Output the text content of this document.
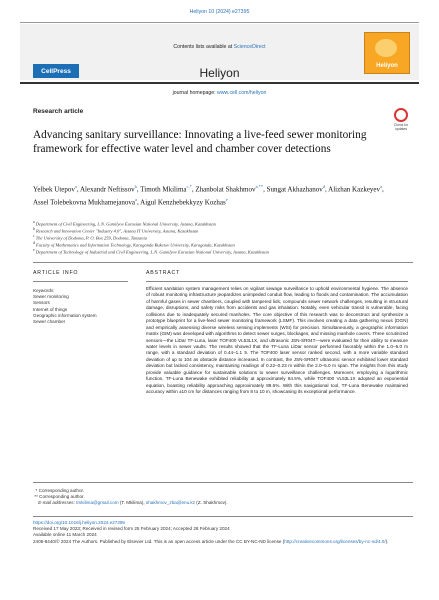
Heliyon 10 (2024) e27395
CellPress
Contents lists available at ScienceDirect
Heliyon	Heliyon
journal homepage: www.cell.com/heliyon
Research article
Check for updates
Advancing sanitary surveillance: Innovating a live-feed sewer monitoring framework for effective water level and chamber cover detections
Yelbek Utepov$^a$, Alexandr Neftissov$^b$, Timoth Mkilima$^{c,*}$, Zhanbolat Shakhmov$^{a,**}$, Sungat Akhazhanov$^d$, Alizhan Kazkeyev$^a$, Assel Tolebekovna Mukhamejanova$^a$, Aigul Kenzhebekkyzy Kozhas$^e$
$^a$ Department of Civil Engineering, L.N. Gumilyov Eurasian National University, Astana, Kazakhstan
$^b$ Research and Innovation Center "Industry 4.0", Astana IT University, Astana, Kazakhstan
$^c$ The University of Dodoma, P. O. Box 259, Dodoma, Tanzania
$^d$ Faculty of Mathematics and Information Technology, Karaganda Buketov University, Karaganda, Kazakhstan
$^e$ Department of Technology of Industrial and Civil Engineering, L.N. Gumilyov Eurasian National University, Astana, Kazakhstan
ARTICLE INFO	ABSTRACT
Keywords:
Sewer monitoring
Sensors
Internet of things
Geographic information system
Sewer chamber
Efficient sanitation system management relies on vigilant sewage surveillance to uphold environmental hygiene. The absence of robust monitoring infrastructure jeopardizes unimpeded conduit flow, leading to floods and contamination. The accumulation of harmful gases in sewer chambers, coupled with tampered lids, compounds sewer network challenges, resulting in structural damage, disruptions, and safety risks from accidents and gas inhalation. Notably, even vehicular transit is vulnerable, facing collisions due to inadequately secured manholes. The core objective of this research was to deconstruct and synthesize a prototype blueprint for a live-feed sewer monitoring framework (LSMF). This involves creating a data gathering nexus (DGN) and empirically assessing diverse wireless sensing implements (WSI) for precision. Simultaneously, a geographic information matrix (GIM) was developed with algorithms to detect sewer surges, blockages, and missing manhole covers. Three scrutinized sensors—the LiDar TF-Luna, laser TOF400 VL53L1X, and ultrasonic JSN-SR04T—were evaluated for their ability to measure water levels in sewer vaults. The results showed that the TF-Luna LiDar sensor performed favorably within the 1.0–5.0 m range, with a standard deviation of 0.44–1.1 5. The TOF400 laser sensor ranked second, with a more variable standard deviation of up to 104 as obstacle distance increased. In contrast, the JSN-SR04T ultrasonic sensor exhibited lower standard deviation but lacked consistency, maintaining readings of 0.22–0.23 m within the 2.0–5.0 m span. The insights from this study provide valuable guidance for sustainable solutions to sewer surveillance challenges. Moreover, employing a logarithmic function, TF-Luna Benewake exhibited reliability at approximately 84.5%, while TOF400 VL53L1X adopted an exponential equation, boasting reliability approaching approximately 89.6%. With this navigational tool, TF-Luna Benewake maintained accuracy within ±10 cm for distances ranging from 8 to 10 m, showcasing its exceptional performance.
* Corresponding author.
** Corresponding author.
E-mail addresses: tmkilima@gmail.com (T. Mkilima), shakhmov_zba@enu.kz (Z. Shakhmov).
https://doi.org/10.1016/j.heliyon.2024.e27395
Received 17 May 2023; Received in revised form 25 February 2024; Accepted 28 February 2024
Available online 11 March 2024
2405-8440/© 2024 The Authors. Published by Elsevier Ltd. This is an open access article under the CC BY-NC-ND license (http://creativecommons.org/licenses/by-nc-nd/4.0/).
